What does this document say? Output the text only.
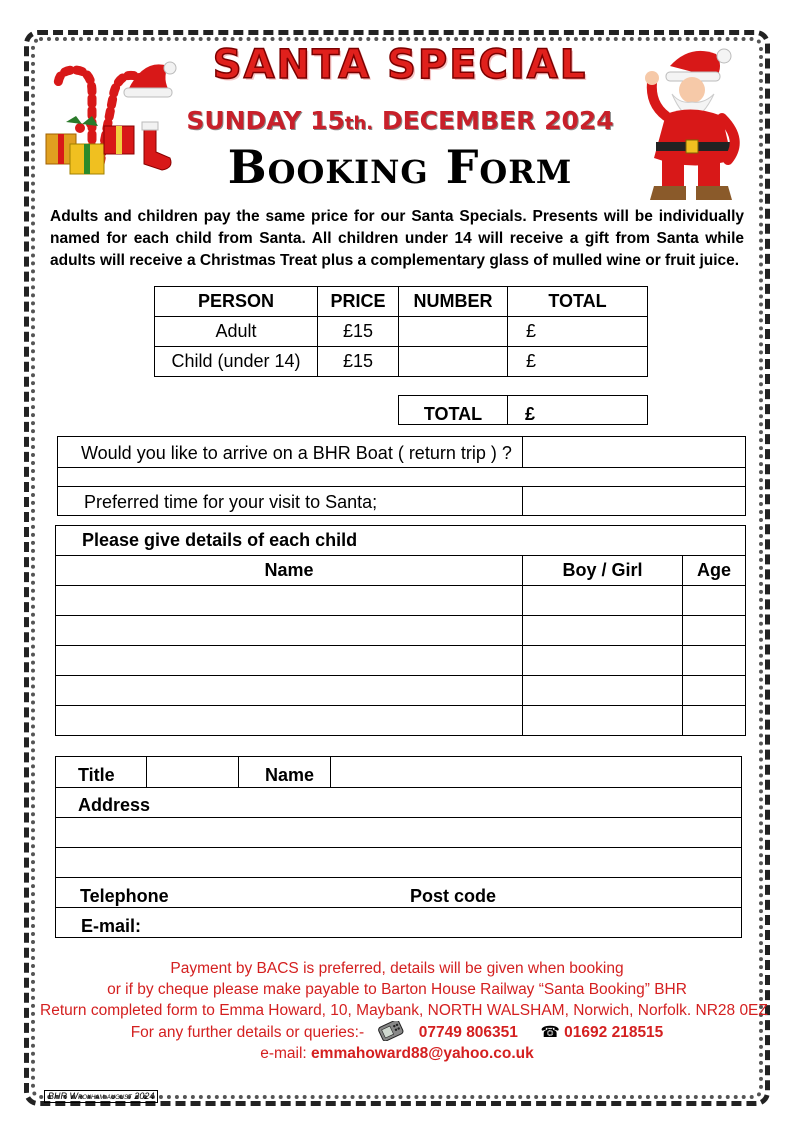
SANTA SPECIAL
SUNDAY 15th. DECEMBER 2024
Booking Form
Adults and children pay the same price for our Santa Specials. Presents will be individually named for each child from Santa. All children under 14 will receive a gift from Santa while adults will receive a Christmas Treat plus a complementary glass of mulled wine or fruit juice.
PERSON	PRICE	NUMBER	TOTAL
Adult	£15		£
Child (under 14)	£15		£
TOTAL	£
Would you like to arrive on a BHR Boat ( return trip ) ?
Preferred time for your visit to Santa;
Please give details of each child		
Name	Boy / Girl	Age

Title	Name
Address
Telephone	Post code
E-mail:
Payment by BACS is preferred, details will be given when booking
or if by cheque please make payable to Barton House Railway “Santa Booking” BHR
Return completed form to Emma Howard, 10, Maybank, NORTH WALSHAM, Norwich, Norfolk. NR28 0EZ
For any further details or queries:-	07749 806351 ☎ 01692 218515
e-mail: emmahoward88@yahoo.co.uk
BHR Wroxham august 2024
